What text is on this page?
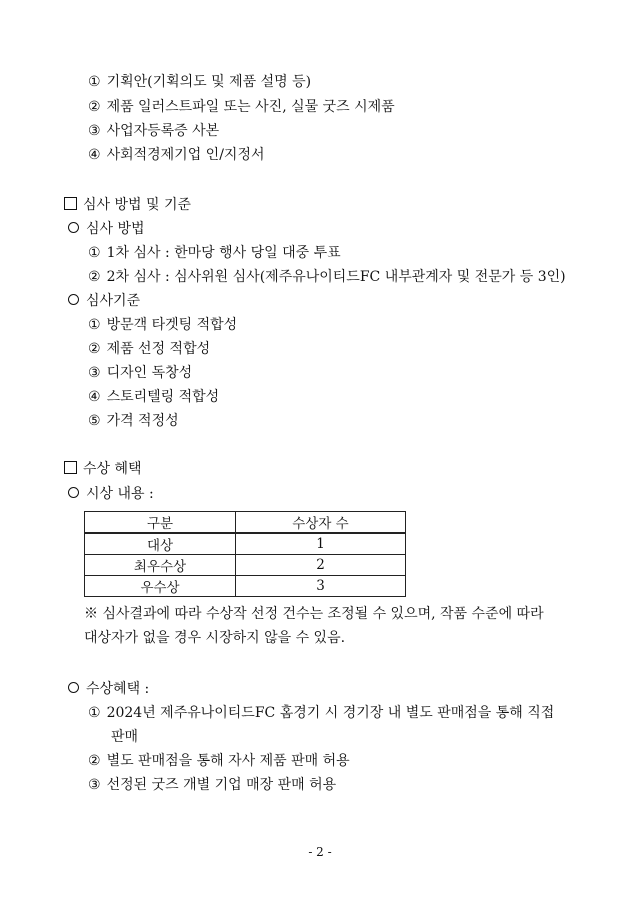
① 기획안(기획의도 및 제품 설명 등)
② 제품 일러스트파일 또는 사진, 실물 굿즈 시제품
③ 사업자등록증 사본
④ 사회적경제기업 인/지정서
심사 방법 및 기준
심사 방법
① 1차 심사 : 한마당 행사 당일 대중 투표
② 2차 심사 : 심사위원 심사(제주유나이티드FC 내부관계자 및 전문가 등 3인)
심사기준
① 방문객 타겟팅 적합성
② 제품 선정 적합성
③ 디자인 독창성
④ 스토리텔링 적합성
⑤ 가격 적정성
수상 혜택
시상 내용 :
구분	수상자 수
대상	1
최우수상	2
우수상	3
※ 심사결과에 따라 수상작 선정 건수는 조정될 수 있으며, 작품 수준에 따라
대상자가 없을 경우 시장하지 않을 수 있음.
수상혜택 :
① 2024년 제주유나이티드FC 홈경기 시 경기장 내 별도 판매점을 통해 직접
판매
② 별도 판매점을 통해 자사 제품 판매 허용
③ 선정된 굿즈 개별 기업 매장 판매 허용
- 2 -
